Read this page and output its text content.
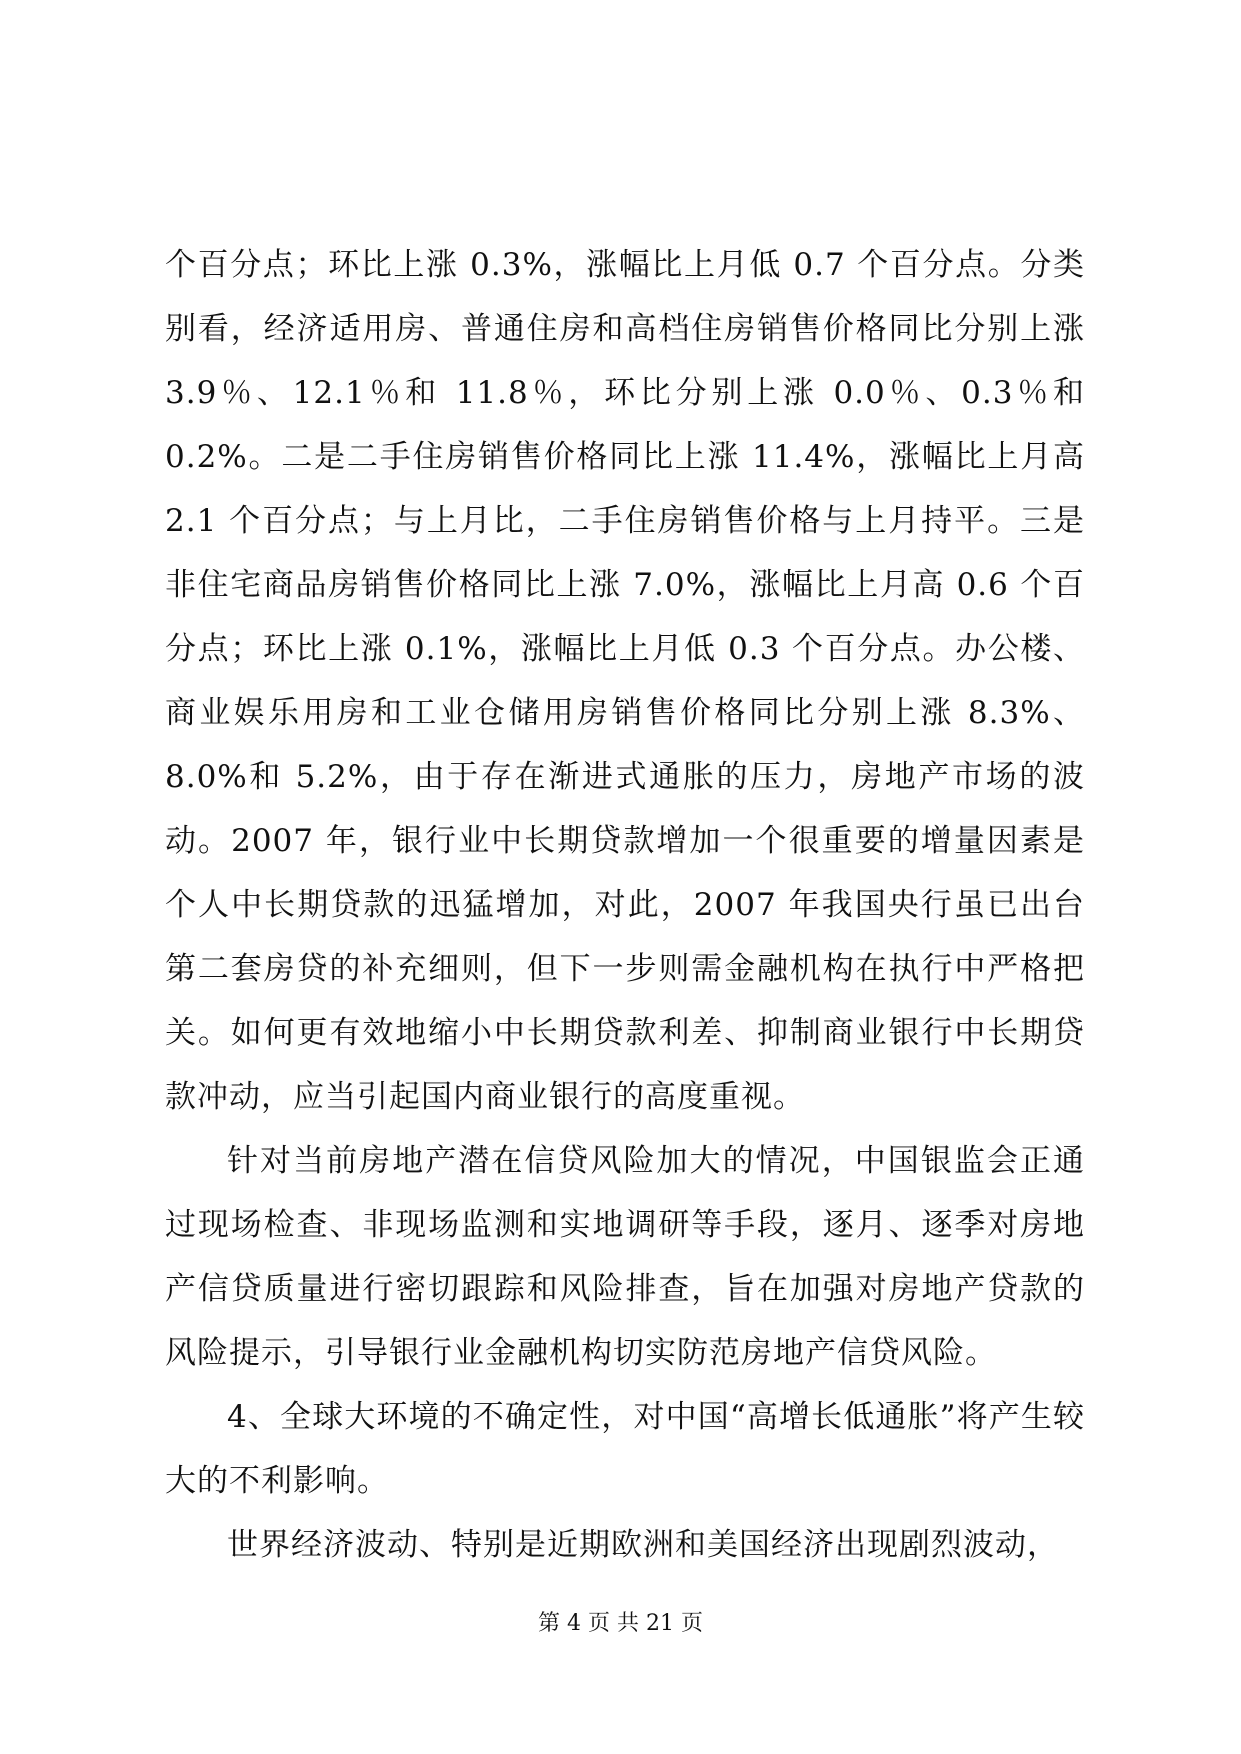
个百分点；环比上涨 0.3%，涨幅比上月低 0.7 个百分点。分类别看，经济适用房、普通住房和高档住房销售价格同比分别上涨 3.9％、12.1％和 11.8％，环比分别上涨 0.0％、0.3％和 0.2%。二是二手住房销售价格同比上涨 11.4%，涨幅比上月高 2.1 个百分点；与上月比，二手住房销售价格与上月持平。三是非住宅商品房销售价格同比上涨 7.0%，涨幅比上月高 0.6 个百分点；环比上涨 0.1%，涨幅比上月低 0.3 个百分点。办公楼、商业娱乐用房和工业仓储用房销售价格同比分别上涨 8.3%、8.0%和 5.2%，由于存在渐进式通胀的压力，房地产市场的波动。2007 年，银行业中长期贷款增加一个很重要的增量因素是个人中长期贷款的迅猛增加，对此，2007 年我国央行虽已出台第二套房贷的补充细则，但下一步则需金融机构在执行中严格把关。如何更有效地缩小中长期贷款利差、抑制商业银行中长期贷款冲动，应当引起国内商业银行的高度重视。

针对当前房地产潜在信贷风险加大的情况，中国银监会正通过现场检查、非现场监测和实地调研等手段，逐月、逐季对房地产信贷质量进行密切跟踪和风险排查，旨在加强对房地产贷款的风险提示，引导银行业金融机构切实防范房地产信贷风险。

4、全球大环境的不确定性，对中国“高增长低通胀”将产生较大的不利影响。

世界经济波动、特别是近期欧洲和美国经济出现剧烈波动，

第 4 页 共 21 页
